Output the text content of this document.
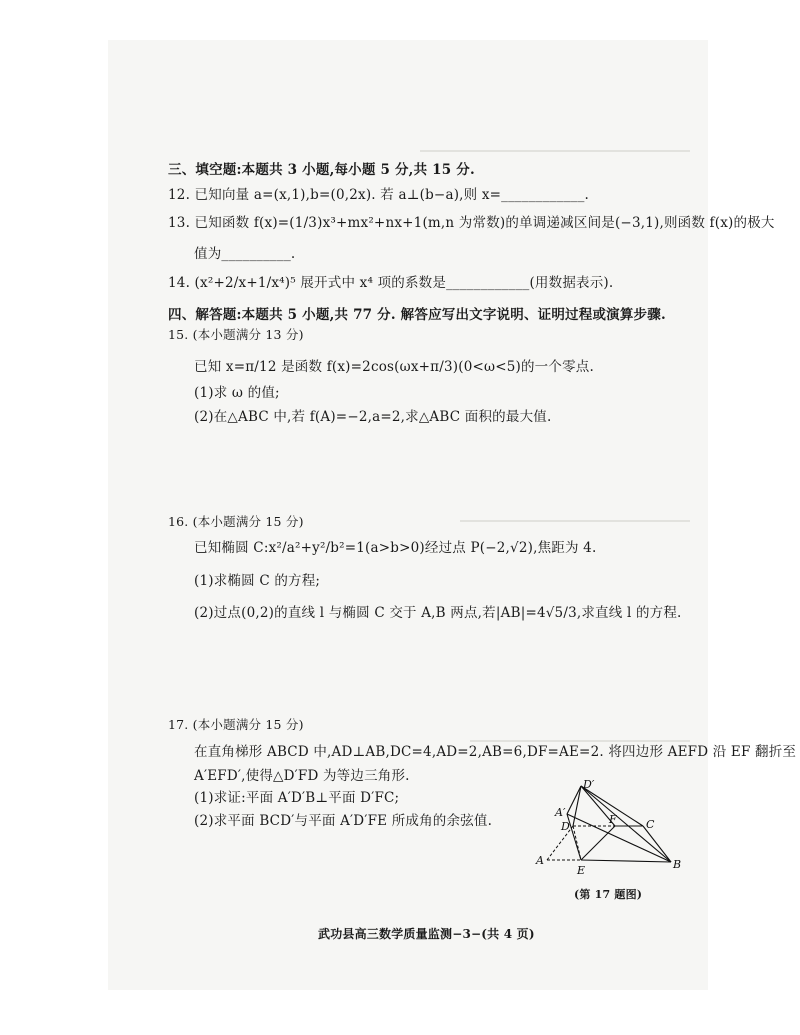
三、填空题:本题共 3 小题,每小题 5 分,共 15 分.
12. 已知向量 a=(x,1),b=(0,2x). 若 a⊥(b−a),则 x=____________.
13. 已知函数 f(x)=(1/3)x³+mx²+nx+1(m,n 为常数)的单调递减区间是(−3,1),则函数 f(x)的极大
值为__________.
14. (x²+2/x+1/x⁴)⁵ 展开式中 x⁴ 项的系数是____________(用数据表示).
四、解答题:本题共 5 小题,共 77 分. 解答应写出文字说明、证明过程或演算步骤.
15. (本小题满分 13 分)
已知 x=π/12 是函数 f(x)=2cos(ωx+π/3)(0<ω<5)的一个零点.
(1)求 ω 的值;
(2)在△ABC 中,若 f(A)=−2,a=2,求△ABC 面积的最大值.
16. (本小题满分 15 分)
已知椭圆 C:x²/a²+y²/b²=1(a>b>0)经过点 P(−2,√2),焦距为 4.
(1)求椭圆 C 的方程;
(2)过点(0,2)的直线 l 与椭圆 C 交于 A,B 两点,若|AB|=4√5/3,求直线 l 的方程.
17. (本小题满分 15 分)
在直角梯形 ABCD 中,AD⊥AB,DC=4,AD=2,AB=6,DF=AE=2. 将四边形 AEFD 沿 EF 翻折至
A′EFD′,使得△D′FD 为等边三角形.
(1)求证:平面 A′D′B⊥平面 D′FC;
(2)求平面 BCD′与平面 A′D′FE 所成角的余弦值.
D′
A′
D
F	C
A
E	B
(第 17 题图)
武功县高三数学质量监测−3−(共 4 页)
